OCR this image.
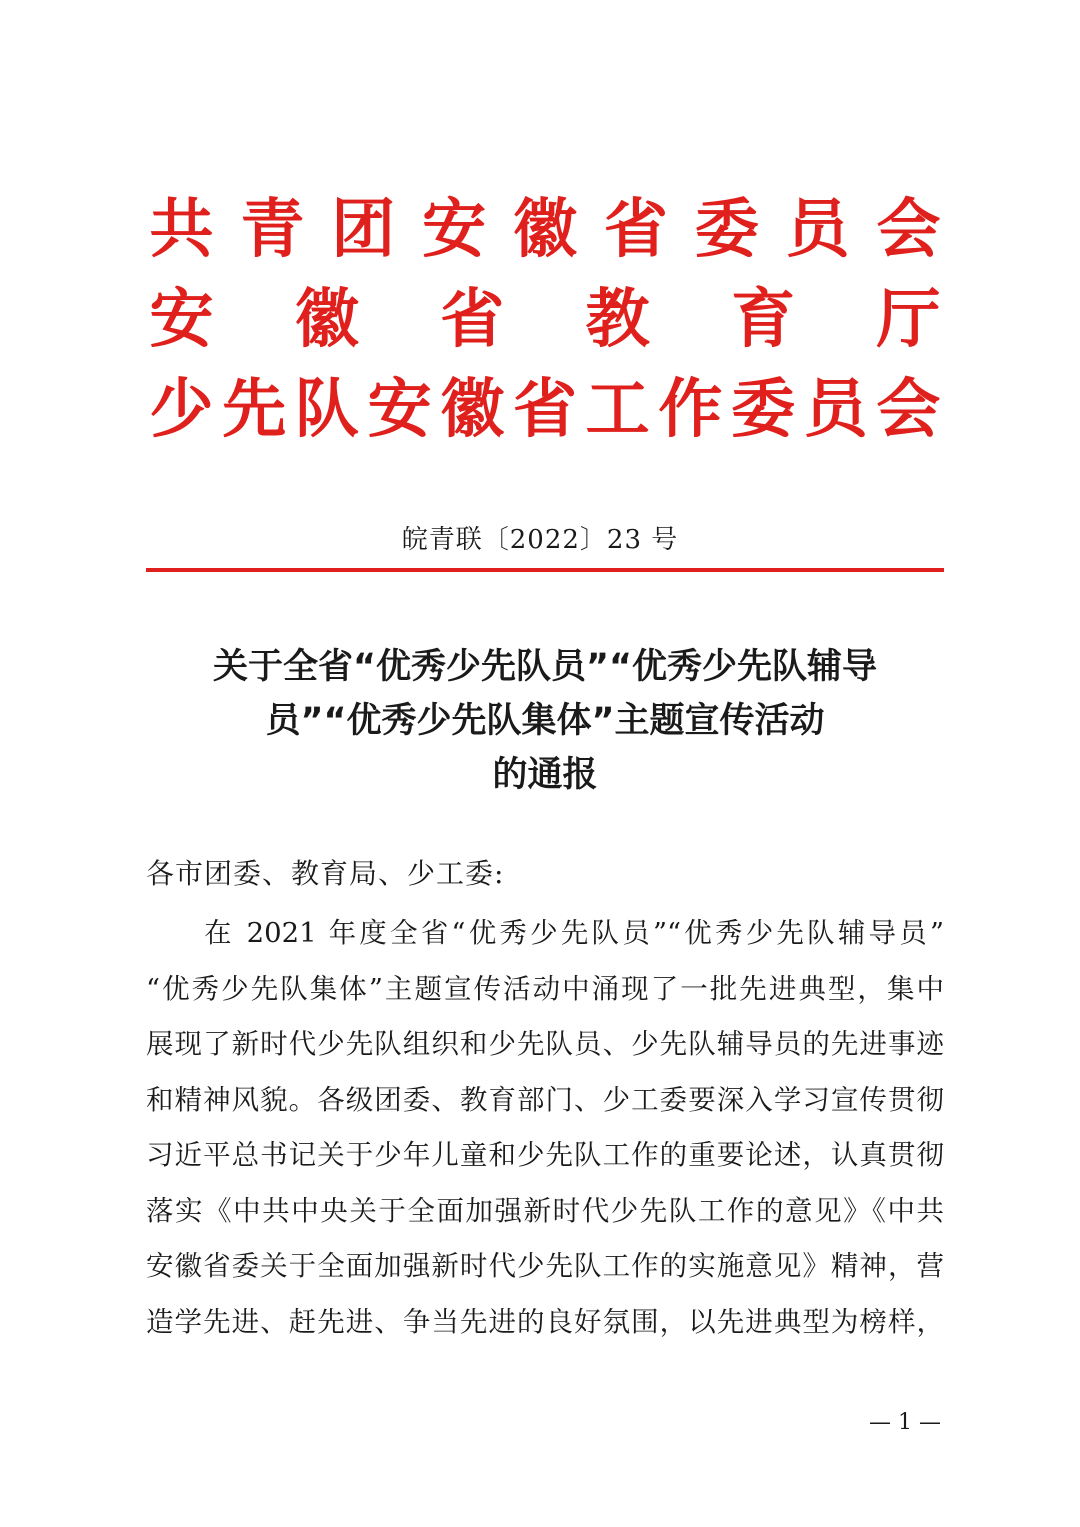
共 青 团 安 徽 省 委 员 会
安 徽 省 教 育 厅
少 先 队 安 徽 省 工 作 委 员 会
皖青联〔2022〕23 号
关于全省“优秀少先队员”“优秀少先队辅导
员”“优秀少先队集体”主题宣传活动
的通报
各市团委、教育局、少工委:
在 2021 年度全省“优秀少先队员”“优秀少先队辅导员”
“优秀少先队集体”主题宣传活动中涌现了一批先进典型，集中
展现了新时代少先队组织和少先队员、少先队辅导员的先进事迹
和精神风貌。各级团委、教育部门、少工委要深入学习宣传贯彻
习近平总书记关于少年儿童和少先队工作的重要论述，认真贯彻
落实《中共中央关于全面加强新时代少先队工作的意见》《中共
安徽省委关于全面加强新时代少先队工作的实施意见》精神，营
造学先进、赶先进、争当先进的良好氛围，以先进典型为榜样，
— 1 —
